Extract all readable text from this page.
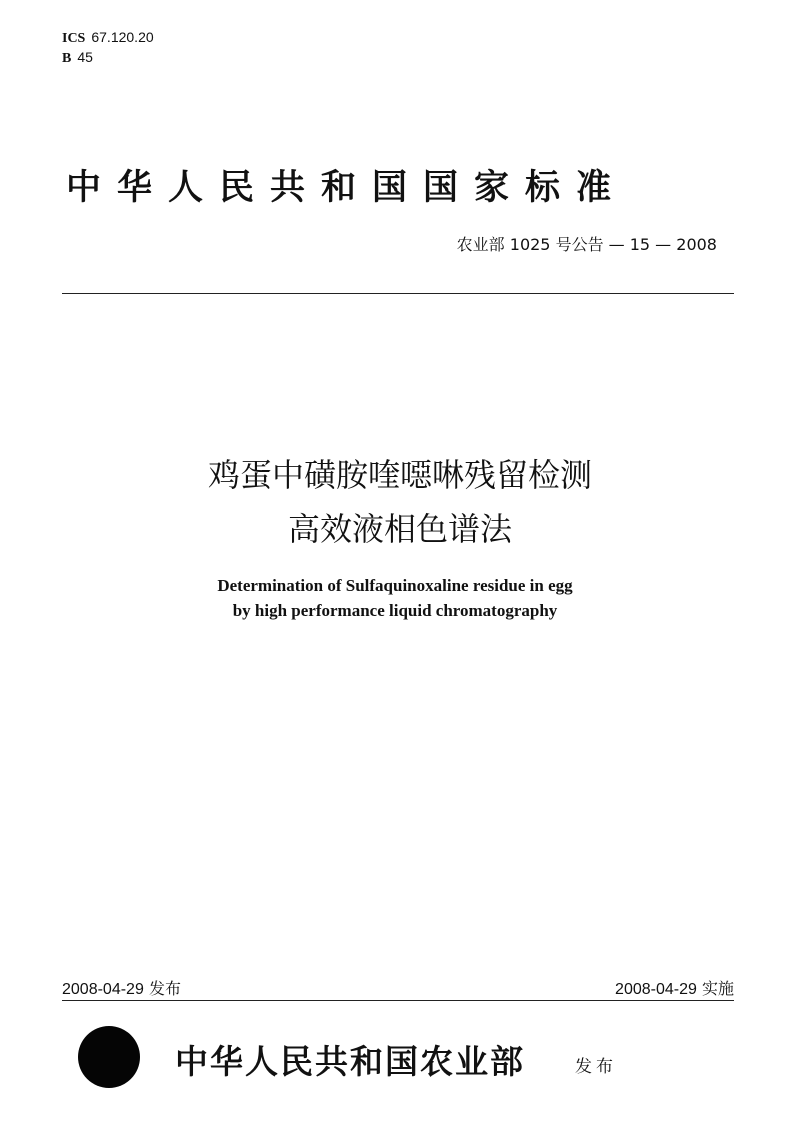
ICS 67.120.20
B 45
中华人民共和国国家标准
农业部 1025 号公告 — 15 — 2008
鸡蛋中磺胺喹噁啉残留检测
高效液相色谱法
Determination of Sulfaquinoxaline residue in egg
by high performance liquid chromatography
2008-04-29 发布	2008-04-29 实施
中华人民共和国农业部	发布
